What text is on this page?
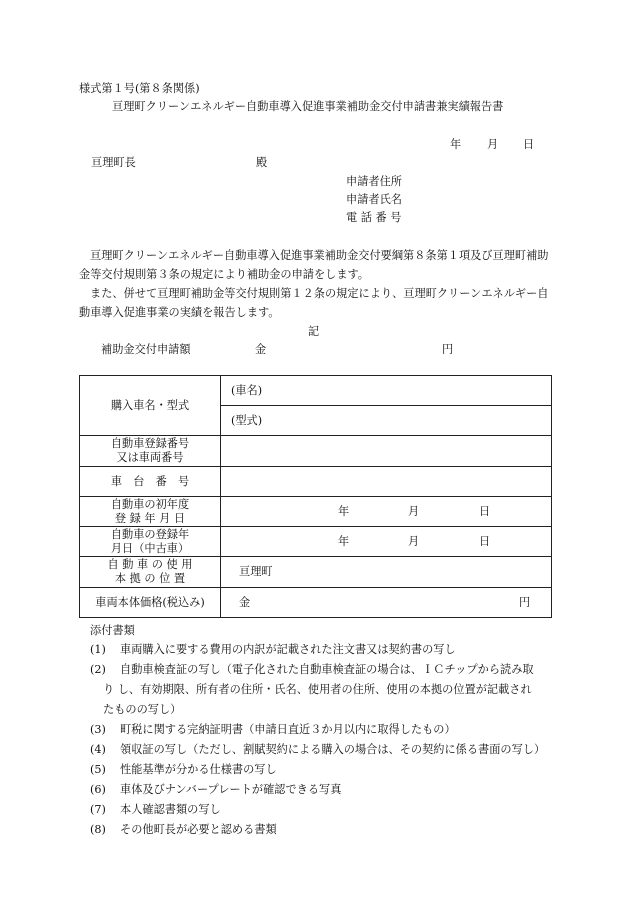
様式第１号(第８条関係)
亘理町クリーンエネルギー自動車導入促進事業補助金交付申請書兼実績報告書
年 月 日
亘理町長	殿
申請者住所
申請者氏名
電 話 番 号
亘理町クリーンエネルギー自動車導入促進事業補助金交付要綱第８条第１項及び亘理町補助金等交付規則第３条の規定により補助金の申請をします。
また、併せて亘理町補助金等交付規則第１２条の規定により、亘理町クリーンエネルギー自動車導入促進事業の実績を報告します。
記
補助金交付申請額	金	円
購入車名・型式	(車名)
	(型式)
自動車登録番号
又は車両番号	
車　台　番　号	
自動車の初年度
登 録 年 月 日	年 月 日

自動車の登録年
月日（中古車）	年 月 日

自 動 車 の 使 用
本 拠 の 位 置	亘理町
車両本体価格(税込み)	金 円
添付書類
(1)	車両購入に要する費用の内訳が記載された注文書又は契約書の写し
(2)	自動車検査証の写し（電子化された自動車検査証の場合は、ＩＣチップから読み取
り し、有効期限、所有者の住所・氏名、使用者の住所、使用の本拠の位置が記載され
たものの写し）
(3)	町税に関する完納証明書（申請日直近３か月以内に取得したもの）
(4)	領収証の写し（ただし、割賦契約による購入の場合は、その契約に係る書面の写し）
(5)	性能基準が分かる仕様書の写し
(6)	車体及びナンバープレートが確認できる写真
(7)	本人確認書類の写し
(8)	その他町長が必要と認める書類
